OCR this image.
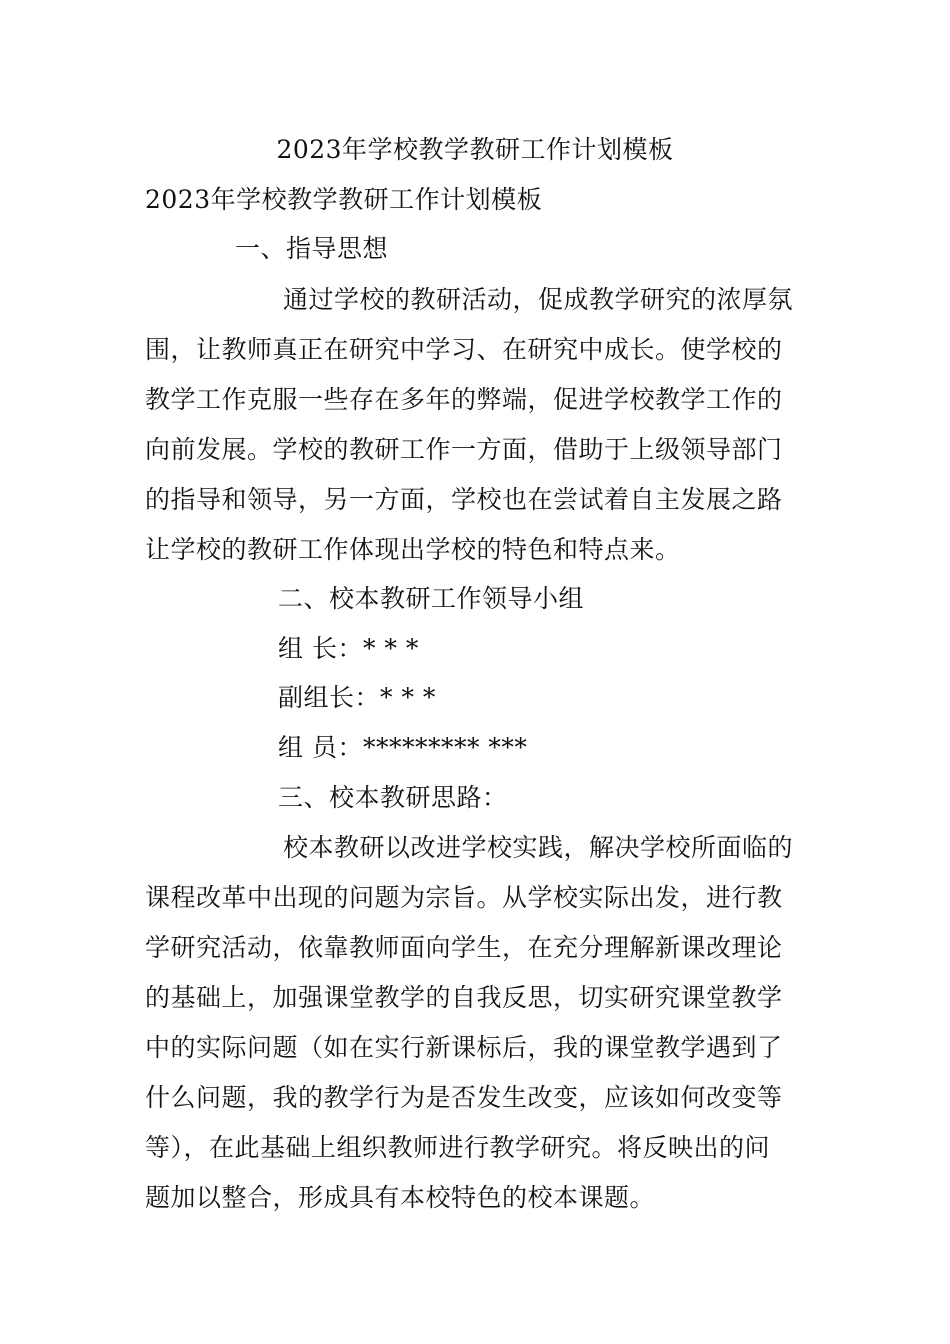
2023年学校教学教研工作计划模板
2023年学校教学教研工作计划模板
一、指导思想
通过学校的教研活动，促成教学研究的浓厚氛
围，让教师真正在研究中学习、在研究中成长。使学校的
教学工作克服一些存在多年的弊端，促进学校教学工作的
向前发展。学校的教研工作一方面，借助于上级领导部门
的指导和领导，另一方面，学校也在尝试着自主发展之路
让学校的教研工作体现出学校的特色和特点来。
二、校本教研工作领导小组
组 长：* * *
副组长：* * *
组 员：********* ***
三、校本教研思路：
校本教研以改进学校实践，解决学校所面临的
课程改革中出现的问题为宗旨。从学校实际出发，进行教
学研究活动，依靠教师面向学生，在充分理解新课改理论
的基础上，加强课堂教学的自我反思，切实研究课堂教学
中的实际问题（如在实行新课标后，我的课堂教学遇到了
什么问题，我的教学行为是否发生改变，应该如何改变等
等），在此基础上组织教师进行教学研究。将反映出的问
题加以整合，形成具有本校特色的校本课题。
